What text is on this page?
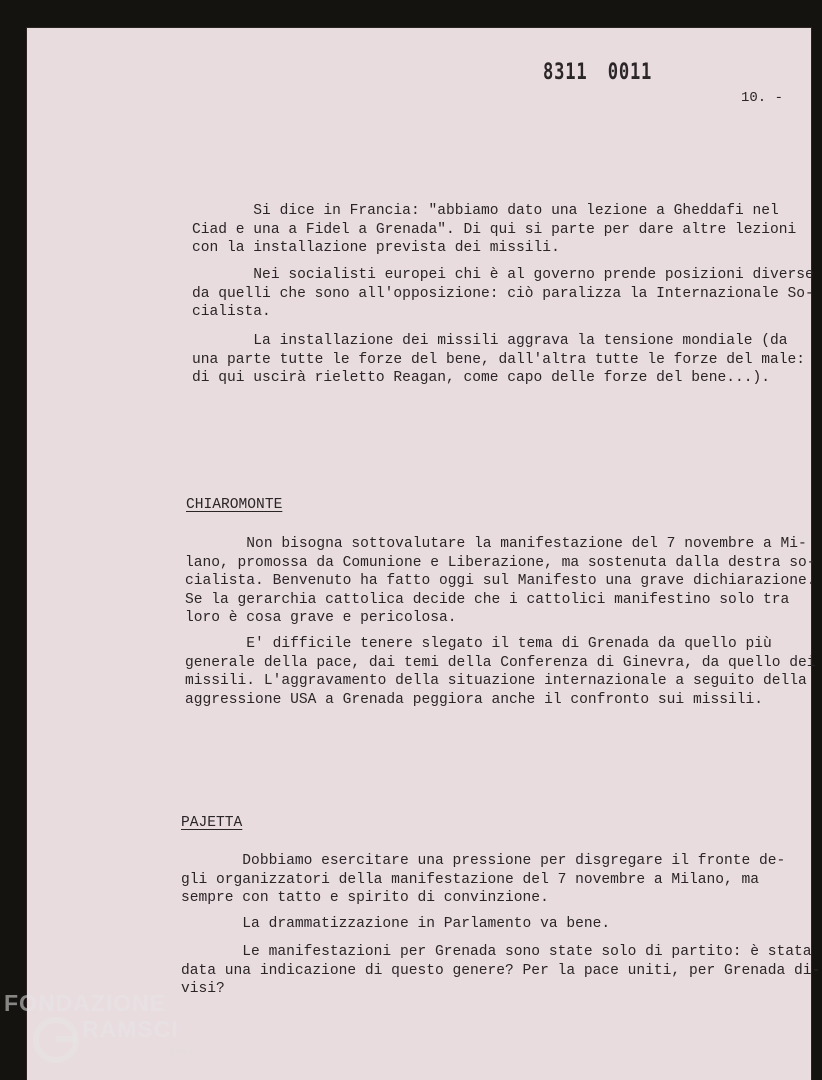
8311 0011
10. -

Si dice in Francia: "abbiamo dato una lezione a Gheddafi nel
Ciad e una a Fidel a Grenada". Di qui si parte per dare altre lezioni
con la installazione prevista dei missili.

Nei socialisti europei chi è al governo prende posizioni diverse
da quelli che sono all'opposizione: ciò paralizza la Internazionale So-
cialista.

La installazione dei missili aggrava la tensione mondiale (da
una parte tutte le forze del bene, dall'altra tutte le forze del male:
di qui uscirà rieletto Reagan, come capo delle forze del bene...).

CHIAROMONTE

Non bisogna sottovalutare la manifestazione del 7 novembre a Mi-
lano, promossa da Comunione e Liberazione, ma sostenuta dalla destra so-
cialista. Benvenuto ha fatto oggi sul Manifesto una grave dichiarazione.
Se la gerarchia cattolica decide che i cattolici manifestino solo tra
loro è cosa grave e pericolosa.

E' difficile tenere slegato il tema di Grenada da quello più
generale della pace, dai temi della Conferenza di Ginevra, da quello dei
missili. L'aggravamento della situazione internazionale a seguito della
aggressione USA a Grenada peggiora anche il confronto sui missili.

PAJETTA

Dobbiamo esercitare una pressione per disgregare il fronte de-
gli organizzatori della manifestazione del 7 novembre a Milano, ma
sempre con tatto e spirito di convinzione.

La drammatizzazione in Parlamento va bene.

Le manifestazioni per Grenada sono state solo di partito: è stata
data una indicazione di questo genere? Per la pace uniti, per Grenada di-
visi?

FONDAZIONE
RAMSCI
onlus
